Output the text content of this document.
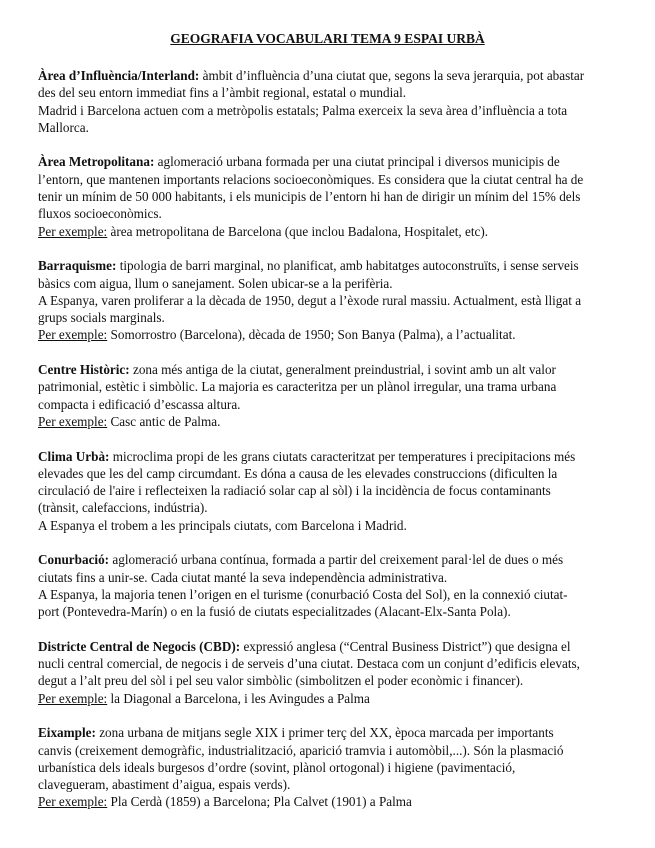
GEOGRAFIA VOCABULARI TEMA 9 ESPAI URBÀ
Àrea d’Influència/Interland: àmbit d’influència d’una ciutat que, segons la seva jerarquia, pot abastar
des del seu entorn immediat fins a l’àmbit regional, estatal o mundial.
Madrid i Barcelona actuen com a metròpolis estatals; Palma exerceix la seva àrea d’influència a tota
Mallorca.
Àrea Metropolitana: aglomeració urbana formada per una ciutat principal i diversos municipis de
l’entorn, que mantenen importants relacions socioeconòmiques. Es considera que la ciutat central ha de
tenir un mínim de 50 000 habitants, i els municipis de l’entorn hi han de dirigir un mínim del 15% dels
fluxos socioeconòmics.
Per exemple: àrea metropolitana de Barcelona (que inclou Badalona, Hospitalet, etc).
Barraquisme: tipologia de barri marginal, no planificat, amb habitatges autoconstruïts, i sense serveis
bàsics com aigua, llum o sanejament. Solen ubicar-se a la perifèria.
A Espanya, varen proliferar a la dècada de 1950, degut a l’èxode rural massiu. Actualment, està lligat a
grups socials marginals.
Per exemple: Somorrostro (Barcelona), dècada de 1950; Son Banya (Palma), a l’actualitat.
Centre Històric: zona més antiga de la ciutat, generalment preindustrial, i sovint amb un alt valor
patrimonial, estètic i simbòlic. La majoria es caracteritza per un plànol irregular, una trama urbana
compacta i edificació d’escassa altura.
Per exemple: Casc antic de Palma.
Clima Urbà: microclima propi de les grans ciutats caracteritzat per temperatures i precipitacions més
elevades que les del camp circumdant. Es dóna a causa de les elevades construccions (dificulten la
circulació de l'aire i reflecteixen la radiació solar cap al sòl) i la incidència de focus contaminants
(trànsit, calefaccions, indústria).
A Espanya el trobem a les principals ciutats, com Barcelona i Madrid.
Conurbació: aglomeració urbana contínua, formada a partir del creixement paral·lel de dues o més
ciutats fins a unir-se. Cada ciutat manté la seva independència administrativa.
A Espanya, la majoria tenen l’origen en el turisme (conurbació Costa del Sol), en la connexió ciutat-
port (Pontevedra-Marín) o en la fusió de ciutats especialitzades (Alacant-Elx-Santa Pola).
Districte Central de Negocis (CBD): expressió anglesa (“Central Business District”) que designa el
nucli central comercial, de negocis i de serveis d’una ciutat. Destaca com un conjunt d’edificis elevats,
degut a l’alt preu del sòl i pel seu valor simbòlic (simbolitzen el poder econòmic i financer).
Per exemple: la Diagonal a Barcelona, i les Avingudes a Palma
Eixample: zona urbana de mitjans segle XIX i primer terç del XX, època marcada per importants
canvis (creixement demogràfic, industrialització, aparició tramvia i automòbil,...). Són la plasmació
urbanística dels ideals burgesos d’ordre (sovint, plànol ortogonal) i higiene (pavimentació,
clavegueram, abastiment d’aigua, espais verds).
Per exemple: Pla Cerdà (1859) a Barcelona; Pla Calvet (1901) a Palma
